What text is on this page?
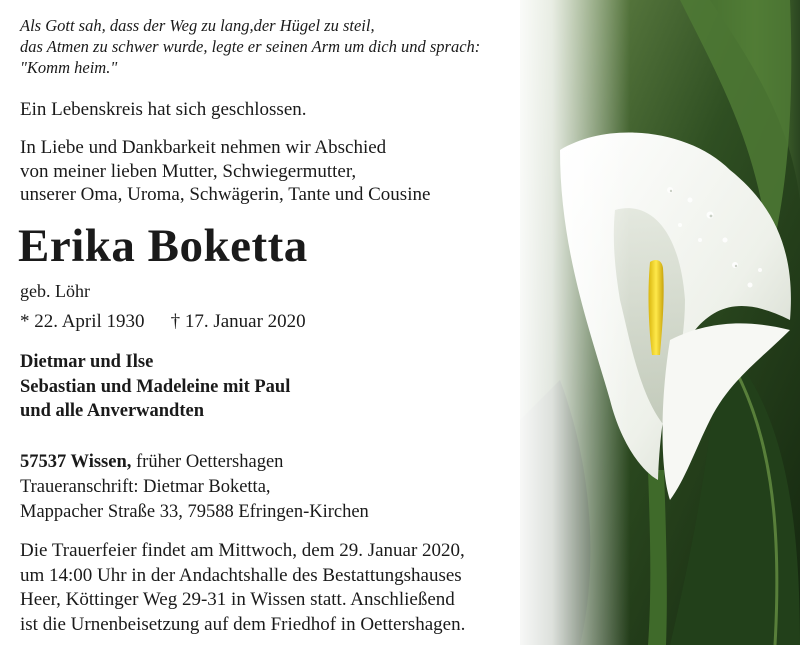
Als Gott sah, dass der Weg zu lang,der Hügel zu steil,
das Atmen zu schwer wurde, legte er seinen Arm um dich und sprach:
"Komm heim."
Ein Lebenskreis hat sich geschlossen.
In Liebe und Dankbarkeit nehmen wir Abschied
von meiner lieben Mutter, Schwiegermutter,
unserer Oma, Uroma, Schwägerin, Tante und Cousine
Erika Boketta
geb. Löhr
* 22. April 1930 † 17. Januar 2020
Dietmar und Ilse
Sebastian und Madeleine mit Paul
und alle Anverwandten
57537 Wissen, früher Oettershagen
Traueranschrift: Dietmar Boketta,
Mappacher Straße 33, 79588 Efringen-Kirchen
Die Trauerfeier findet am Mittwoch, dem 29. Januar 2020,
um 14:00 Uhr in der Andachtshalle des Bestattungshauses
Heer, Köttinger Weg 29-31 in Wissen statt. Anschließend
ist die Urnenbeisetzung auf dem Friedhof in Oettershagen.
